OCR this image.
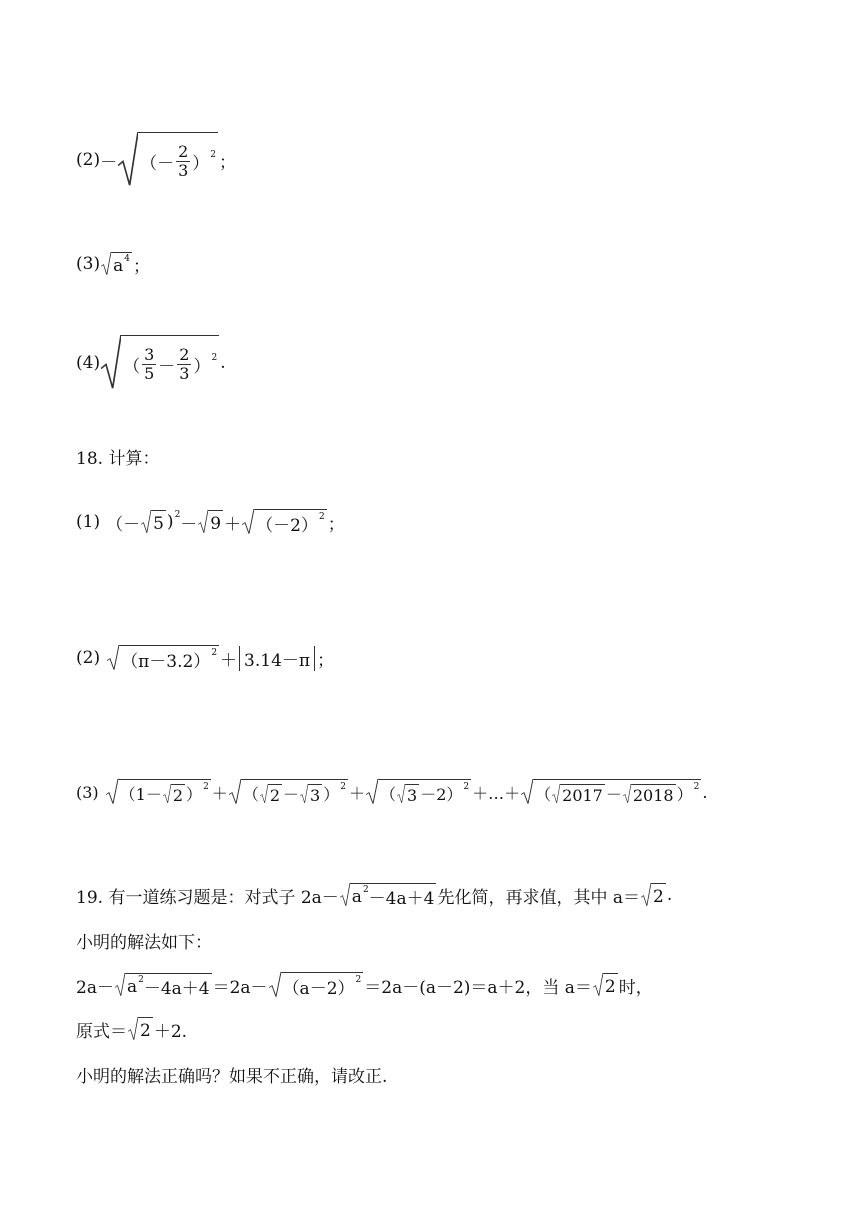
(2) － （－ $\frac{2}{3}$ ） 2 ；
(3) a 4 ；
(4) （ $\frac{3}{5} - \frac{2}{3}$ ） 2 .
18. 计算：
(1) （－ 5 ) 2 － 9 ＋ （－2） 2 ；
(2) （π－3.2） 2 ＋ 3.14－π ；
(3) （1－ 2 ） 2 ＋ （ 2 － 3 ） 2 ＋ （ 3 －2） 2 ＋…＋ （ 2017 － 2018 ） 2 .
19. 有一道练习题是：对式子 2a－ a 2 －4a＋4 先化简，再求值，其中 a＝ 2 .
小明的解法如下：
2a－ a 2 －4a＋4 ＝2a－ （a－2） 2 ＝2a－(a－2)＝a＋2，当 a＝ 2 时，
原式＝ 2 ＋2.
小明的解法正确吗？如果不正确，请改正.
